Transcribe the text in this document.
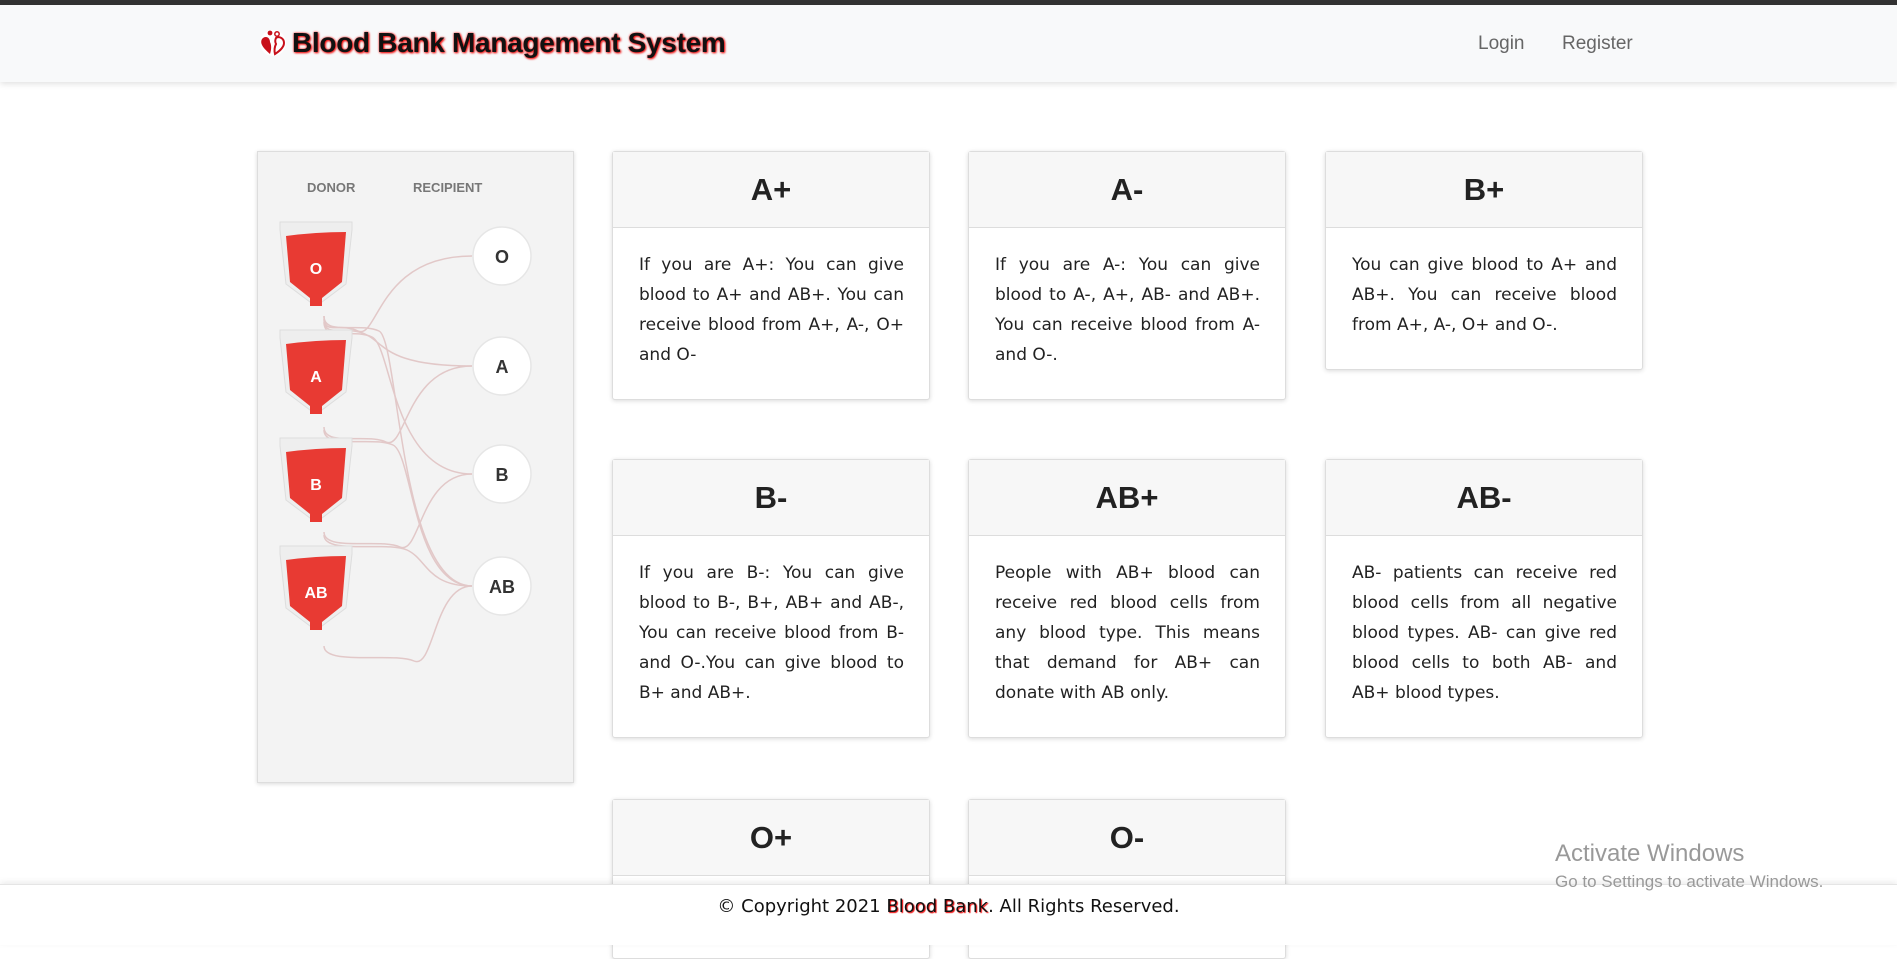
Blood Bank Management System	Login Register
DONOR	RECIPIENT
O
A
B
AB
O
A
B
AB
A+
If you are A+: You can give blood to A+ and AB+. You can receive blood from A+, A-, O+ and O-
A-
If you are A-: You can give blood to A-, A+, AB- and AB+. You can receive blood from A- and O-.
B+
You can give blood to A+ and AB+. You can receive blood from A+, A-, O+ and O-.
B-
If you are B-: You can give blood to B-, B+, AB+ and AB-, You can receive blood from B- and O-.You can give blood to B+ and AB+.
AB+
People with AB+ blood can receive red blood cells from any blood type. This means that demand for AB+ can donate with AB only.
AB-
AB- patients can receive red blood cells from all negative blood types. AB- can give red blood cells to both AB- and AB+ blood types.
O+	O-
© Copyright 2021 Blood Bank. All Rights Reserved.
Activate Windows
Go to Settings to activate Windows.
